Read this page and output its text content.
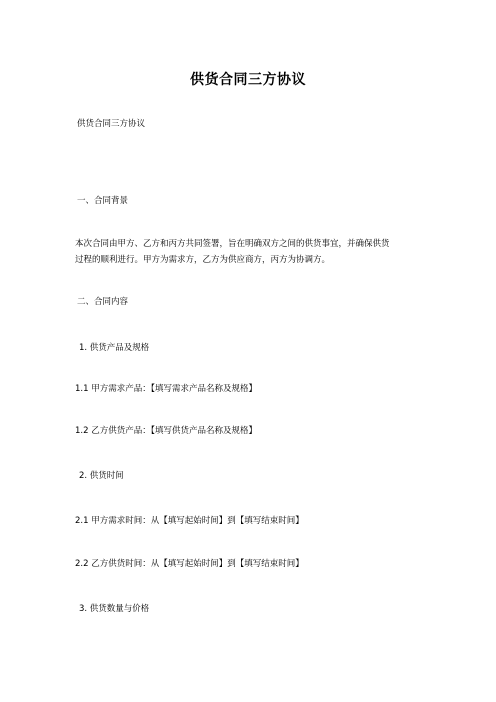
供货合同三方协议
供货合同三方协议
一、合同背景
本次合同由甲方、乙方和丙方共同签署，旨在明确双方之间的供货事宜，并确保供货
过程的顺利进行。甲方为需求方，乙方为供应商方，丙方为协调方。
二、合同内容
1. 供货产品及规格
1.1 甲方需求产品：【填写需求产品名称及规格】
1.2 乙方供货产品：【填写供货产品名称及规格】
2. 供货时间
2.1 甲方需求时间：从【填写起始时间】到【填写结束时间】
2.2 乙方供货时间：从【填写起始时间】到【填写结束时间】
3. 供货数量与价格
